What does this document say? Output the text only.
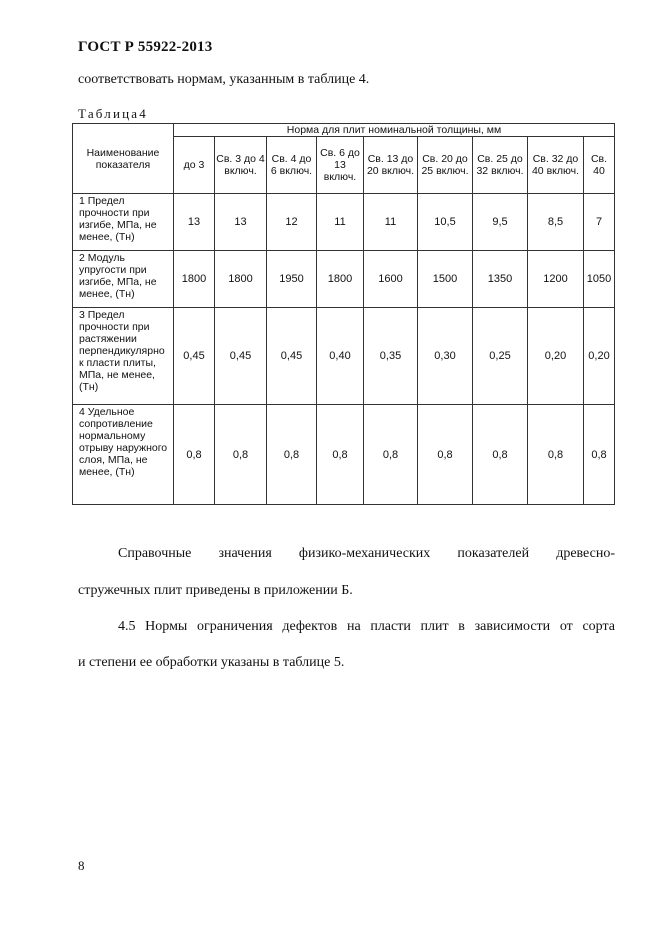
ГОСТ Р 55922-2013
соответствовать нормам, указанным в таблице 4.
Таблица4
Наименование показателя	Норма для плит номинальной толщины, мм								
	до 3	Св. 3 до 4 включ.	Св. 4 до 6 включ.	Св. 6 до 13 включ.	Св. 13 до 20 включ.	Св. 20 до 25 включ.	Св. 25 до 32 включ.	Св. 32 до 40 включ.	Св. 40
1 Предел прочности при изгибе, МПа, не менее, (Тн)	13	13	12	11	11	10,5	9,5	8,5	7
2 Модуль упругости при изгибе, МПа, не менее, (Тн)	1800	1800	1950	1800	1600	1500	1350	1200	1050
3 Предел прочности при растяжении перпендикулярно к пласти плиты, МПа, не менее, (Тн)	0,45	0,45	0,45	0,40	0,35	0,30	0,25	0,20	0,20
4 Удельное сопротивление нормальному отрыву наружного слоя, МПа, не менее, (Тн)	0,8	0,8	0,8	0,8	0,8	0,8	0,8	0,8	0,8
Справочные значения физико-механических показателей древесно-
стружечных плит приведены в приложении Б.
4.5 Нормы ограничения дефектов на пласти плит в зависимости от сорта
и степени ее обработки указаны в таблице 5.
8
